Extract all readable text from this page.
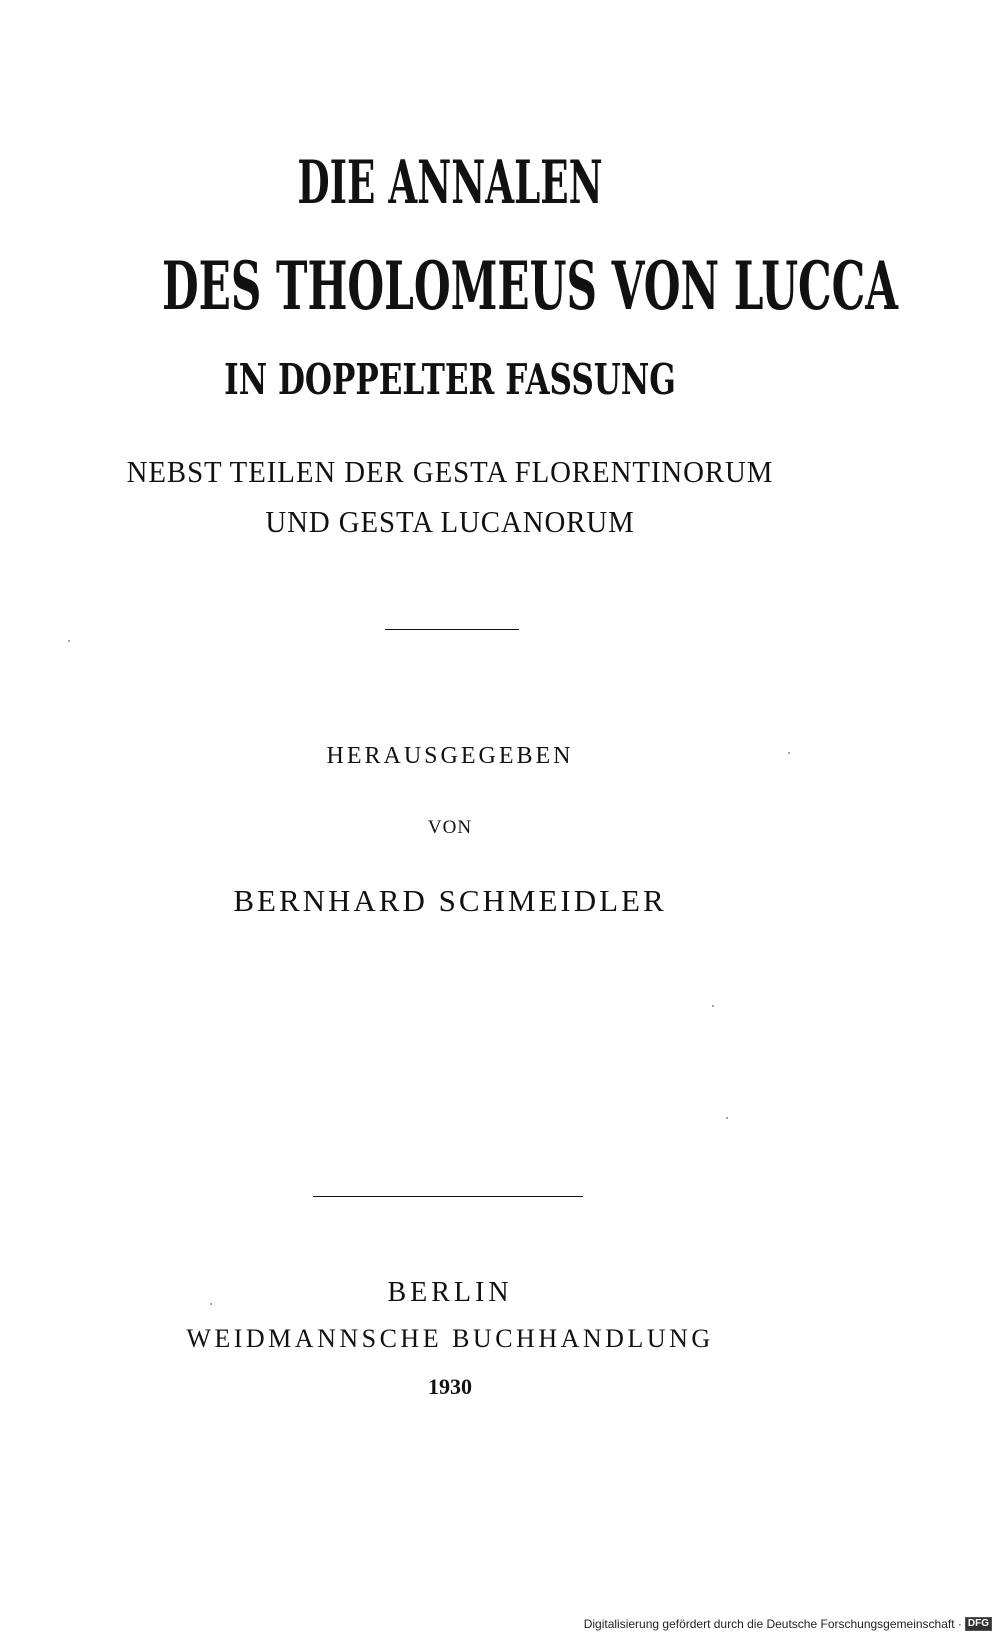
DIE ANNALEN
DES THOLOMEUS VON LUCCA
IN DOPPELTER FASSUNG
NEBST TEILEN DER GESTA FLORENTINORUM
UND GESTA LUCANORUM
HERAUSGEGEBEN
VON
BERNHARD SCHMEIDLER
BERLIN
WEIDMANNSCHE BUCHHANDLUNG
1930
Digitalisierung gefördert durch die Deutsche Forschungsgemeinschaft · DFG
